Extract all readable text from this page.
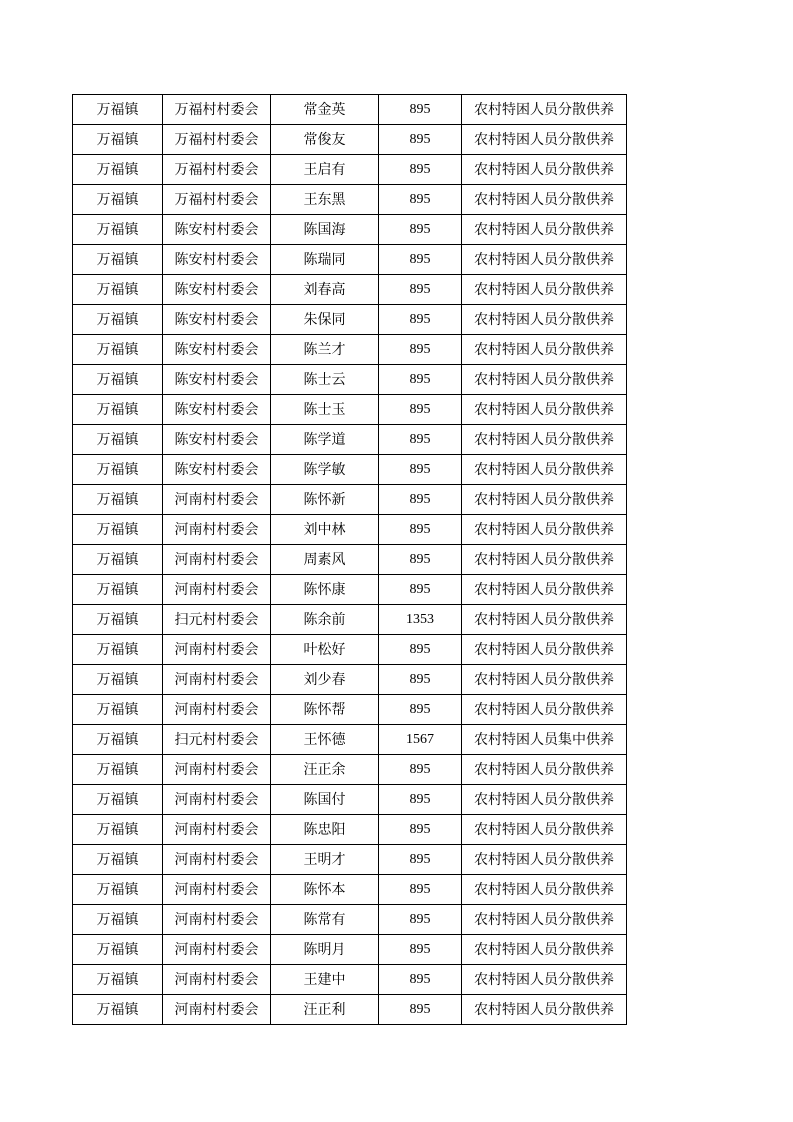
万福镇	万福村村委会	常金英	895	农村特困人员分散供养
万福镇	万福村村委会	常俊友	895	农村特困人员分散供养
万福镇	万福村村委会	王启有	895	农村特困人员分散供养
万福镇	万福村村委会	王东黑	895	农村特困人员分散供养
万福镇	陈安村村委会	陈国海	895	农村特困人员分散供养
万福镇	陈安村村委会	陈瑞同	895	农村特困人员分散供养
万福镇	陈安村村委会	刘春高	895	农村特困人员分散供养
万福镇	陈安村村委会	朱保同	895	农村特困人员分散供养
万福镇	陈安村村委会	陈兰才	895	农村特困人员分散供养
万福镇	陈安村村委会	陈士云	895	农村特困人员分散供养
万福镇	陈安村村委会	陈士玉	895	农村特困人员分散供养
万福镇	陈安村村委会	陈学道	895	农村特困人员分散供养
万福镇	陈安村村委会	陈学敏	895	农村特困人员分散供养
万福镇	河南村村委会	陈怀新	895	农村特困人员分散供养
万福镇	河南村村委会	刘中林	895	农村特困人员分散供养
万福镇	河南村村委会	周素风	895	农村特困人员分散供养
万福镇	河南村村委会	陈怀康	895	农村特困人员分散供养
万福镇	扫元村村委会	陈余前	1353	农村特困人员分散供养
万福镇	河南村村委会	叶松好	895	农村特困人员分散供养
万福镇	河南村村委会	刘少春	895	农村特困人员分散供养
万福镇	河南村村委会	陈怀帮	895	农村特困人员分散供养
万福镇	扫元村村委会	王怀德	1567	农村特困人员集中供养
万福镇	河南村村委会	汪正余	895	农村特困人员分散供养
万福镇	河南村村委会	陈国付	895	农村特困人员分散供养
万福镇	河南村村委会	陈忠阳	895	农村特困人员分散供养
万福镇	河南村村委会	王明才	895	农村特困人员分散供养
万福镇	河南村村委会	陈怀本	895	农村特困人员分散供养
万福镇	河南村村委会	陈常有	895	农村特困人员分散供养
万福镇	河南村村委会	陈明月	895	农村特困人员分散供养
万福镇	河南村村委会	王建中	895	农村特困人员分散供养
万福镇	河南村村委会	汪正利	895	农村特困人员分散供养
